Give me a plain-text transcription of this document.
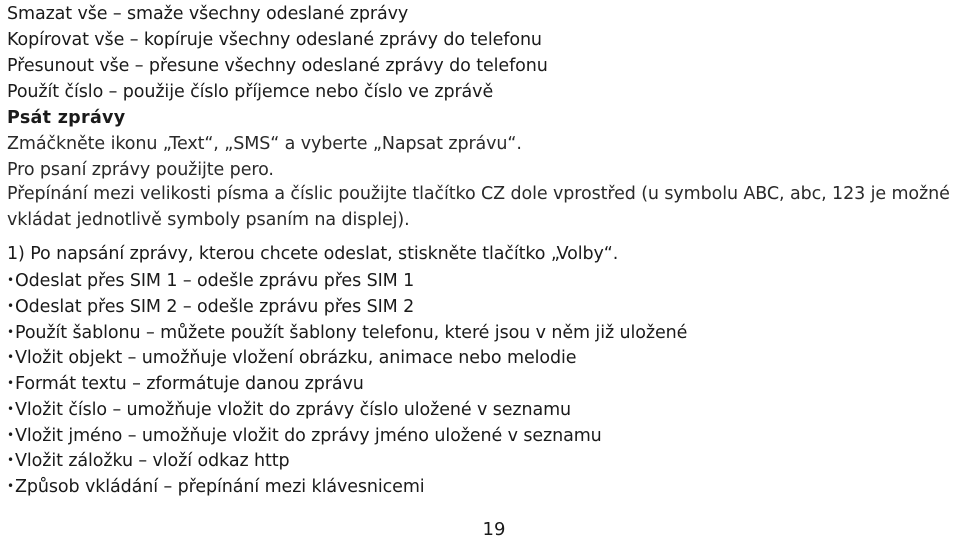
Smazat vše – smaže všechny odeslané zprávy
Kopírovat vše – kopíruje všechny odeslané zprávy do telefonu
Přesunout vše – přesune všechny odeslané zprávy do telefonu
Použít číslo – použije číslo příjemce nebo číslo ve zprávě
Psát zprávy
Zmáčkněte ikonu „Text“, „SMS“ a vyberte „Napsat zprávu“.
Pro psaní zprávy použijte pero.
Přepínání mezi velikosti písma a číslic použijte tlačítko CZ dole vprostřed (u symbolu ABC, abc, 123 je možné vkládat jednotlivě symboly psaním na displej).
1) Po napsání zprávy, kterou chcete odeslat, stiskněte tlačítko „Volby“.
•Odeslat přes SIM 1 – odešle zprávu přes SIM 1
•Odeslat přes SIM 2 – odešle zprávu přes SIM 2
•Použít šablonu – můžete použít šablony telefonu, které jsou v něm již uložené
•Vložit objekt – umožňuje vložení obrázku, animace nebo melodie
•Formát textu – zformátuje danou zprávu
•Vložit číslo – umožňuje vložit do zprávy číslo uložené v seznamu
•Vložit jméno – umožňuje vložit do zprávy jméno uložené v seznamu
•Vložit záložku – vloží odkaz http
•Způsob vkládání – přepínání mezi klávesnicemi
19
